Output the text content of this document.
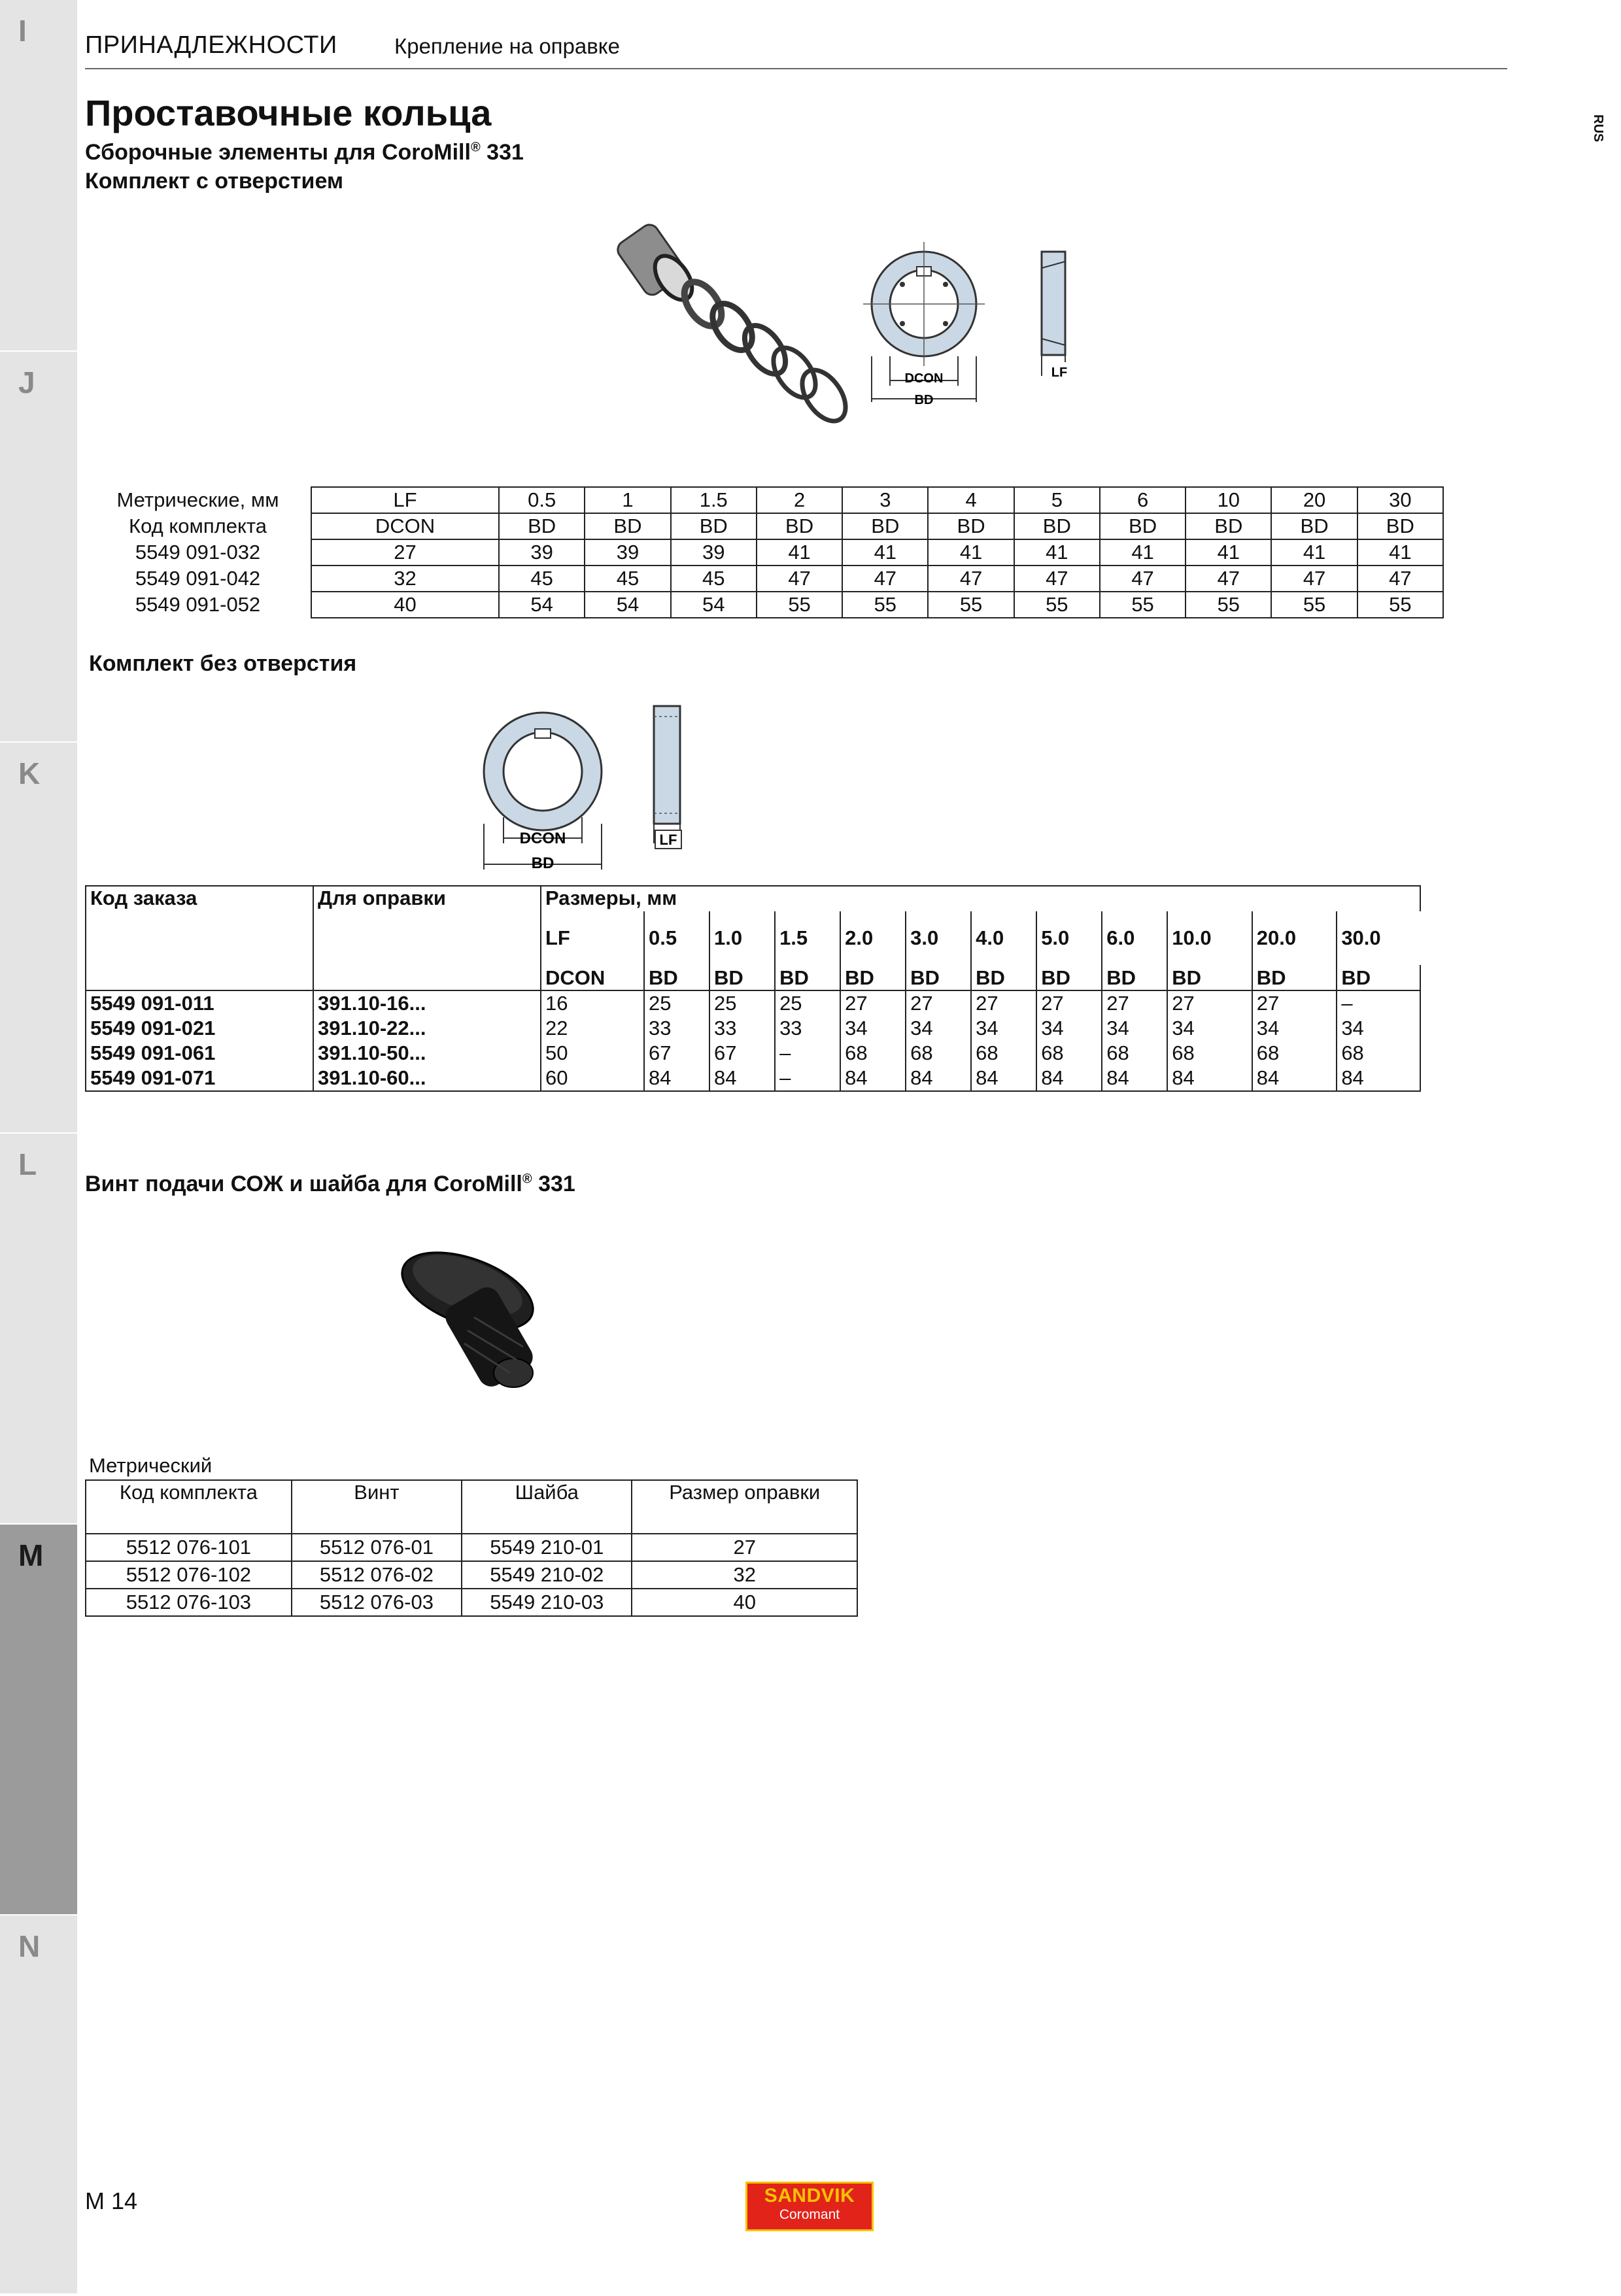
I
J
K
L
M
N
ПРИНАДЛЕЖНОСТИ	Крепление на оправке
RUS
Проставочные кольца
Сборочные элементы для CoroMill® 331
Комплект с отверстием
DCON
BD
LF
Метрические, мм	LF	0.5	1	1.5	2	3	4	5	6	10	20	30
Код комплекта	DCON	BD	BD	BD	BD	BD	BD	BD	BD	BD	BD	BD
5549 091-032	27	39	39	39	41	41	41	41	41	41	41	41
5549 091-042	32	45	45	45	47	47	47	47	47	47	47	47
5549 091-052	40	54	54	54	55	55	55	55	55	55	55	55
Комплект без отверстия
DCON
BD
LF
Код заказа	Для оправки	Размеры, мм											
		LF	0.5	1.0	1.5	2.0	3.0	4.0	5.0	6.0	10.0	20.0	30.0
		DCON	BD	BD	BD	BD	BD	BD	BD	BD	BD	BD	BD
5549 091-011	391.10-16...	16	25	25	25	27	27	27	27	27	27	27	–
5549 091-021	391.10-22...	22	33	33	33	34	34	34	34	34	34	34	34
5549 091-061	391.10-50...	50	67	67	–	68	68	68	68	68	68	68	68
5549 091-071	391.10-60...	60	84	84	–	84	84	84	84	84	84	84	84
Винт подачи СОЖ и шайба для CoroMill® 331
Метрический
Код комплекта	Винт	Шайба	Размер оправки
5512 076-101	5512 076-01	5549 210-01	27
5512 076-102	5512 076-02	5549 210-02	32
5512 076-103	5512 076-03	5549 210-03	40
M 14	SANDVIK
Coromant
